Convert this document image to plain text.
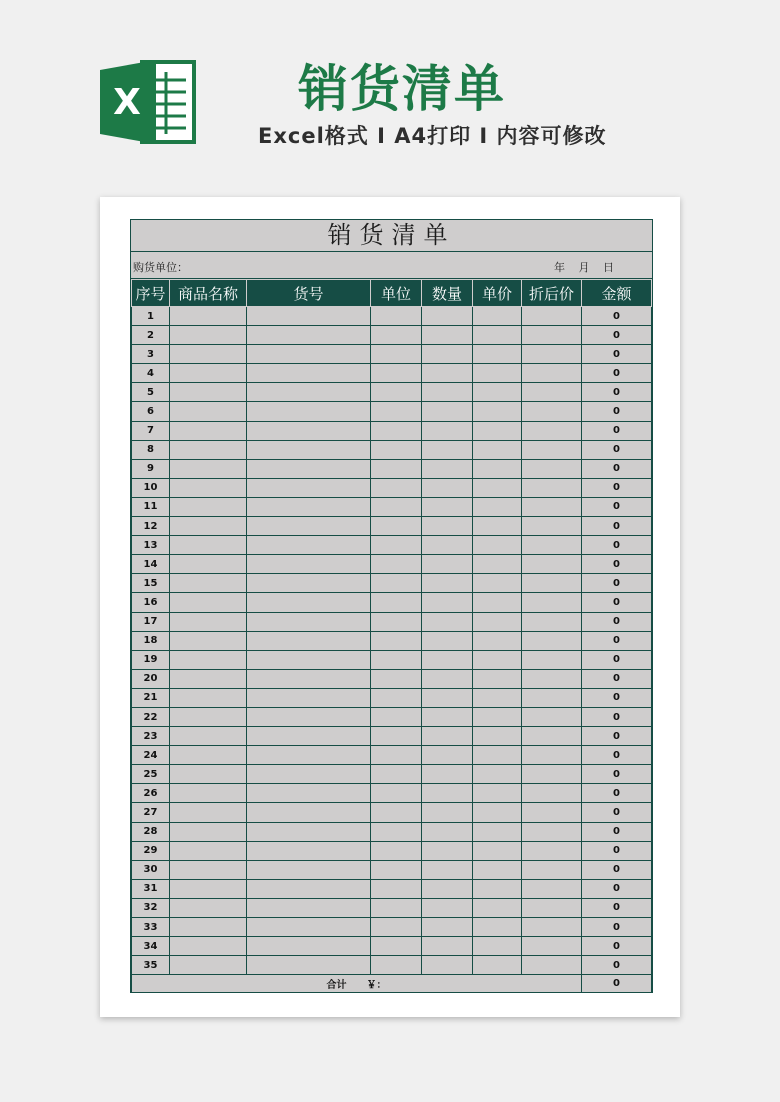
X	销货清单
Excel格式 I A4打印 I 内容可修改
销货清单
购货单位：	年 月 日
序号	商品名称	货号	单位	数量	单价	折后价	金额
1							0
2							0
3							0
4							0
5							0
6							0
7							0
8							0
9							0
10							0
11							0
12							0
13							0
14							0
15							0
16							0
17							0
18							0
19							0
20							0
21							0
22							0
23							0
24							0
25							0
26							0
27							0
28							0
29							0
30							0
31							0
32							0
33							0
34							0
35							0
合计　　￥：							0
